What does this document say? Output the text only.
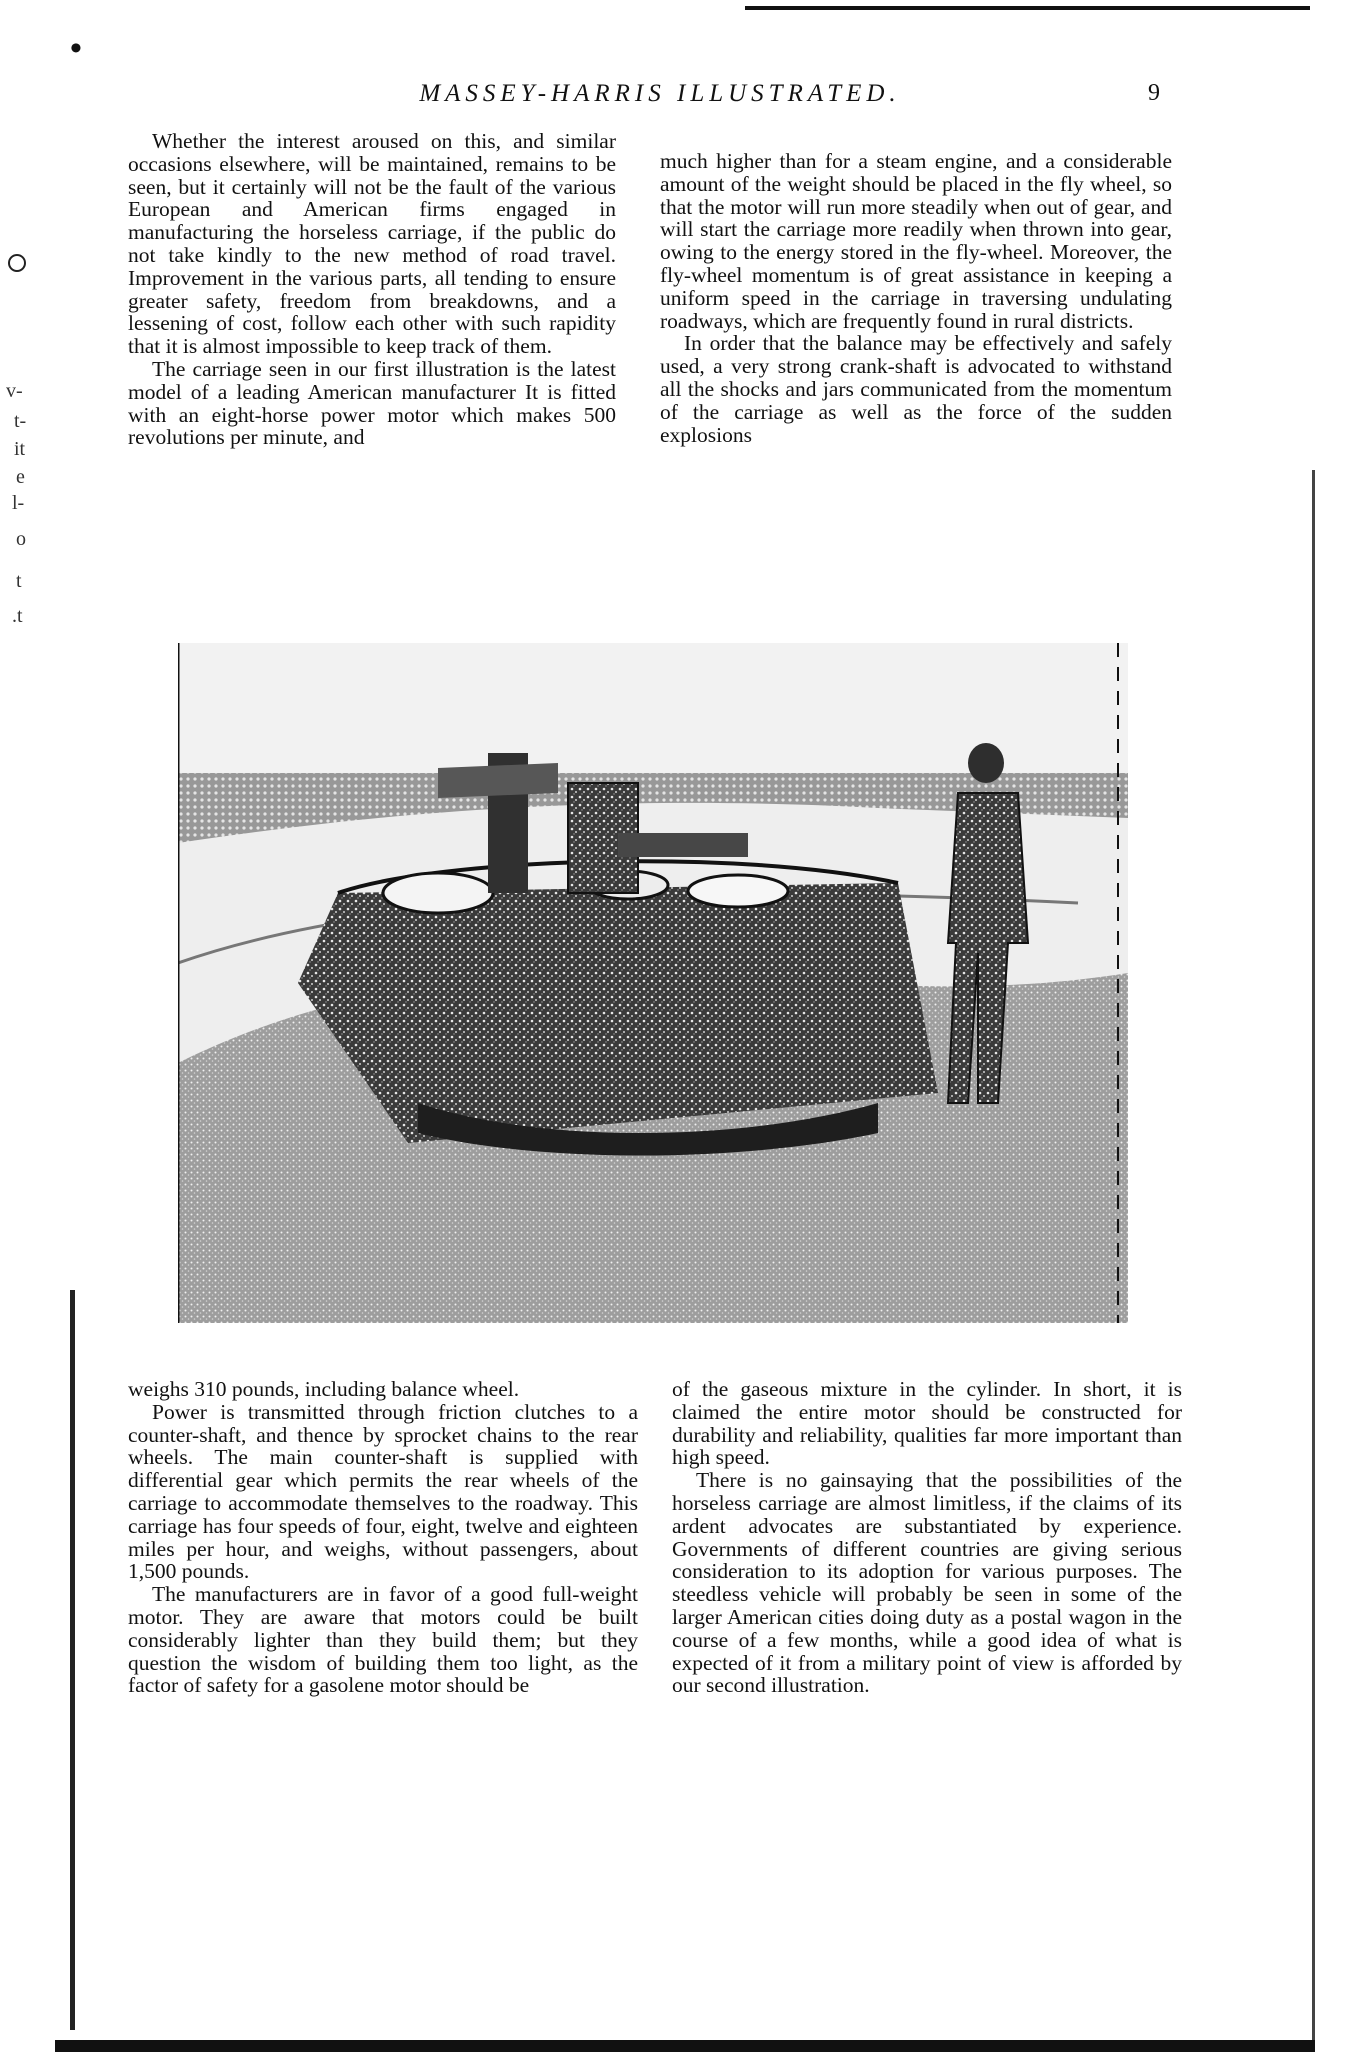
•
MASSEY-HARRIS ILLUSTRATED.	9
v-
t-
it
e
l-
o
t
.t

Whether the interest aroused on this, and similar occasions elsewhere, will be maintained, remains to be seen, but it certainly will not be the fault of the various European and American firms engaged in manufacturing the horseless carriage, if the public do not take kindly to the new method of road travel. Improvement in the various parts, all tending to ensure greater safety, freedom from breakdowns, and a lessening of cost, follow each other with such rapidity that it is almost impossible to keep track of them.

The carriage seen in our first illustration is the latest model of a leading American manufacturer It is fitted with an eight-horse power motor which makes 500 revolutions per minute, and

much higher than for a steam engine, and a considerable amount of the weight should be placed in the fly wheel, so that the motor will run more steadily when out of gear, and will start the carriage more readily when thrown into gear, owing to the energy stored in the fly-wheel. Moreover, the fly-wheel momentum is of great assistance in keeping a uniform speed in the carriage in traversing undulating roadways, which are frequently found in rural districts.

In order that the balance may be effectively and safely used, a very strong crank-shaft is advocated to withstand all the shocks and jars communicated from the momentum of the carriage as well as the force of the sudden explosions

weighs 310 pounds, including balance wheel.

Power is transmitted through friction clutches to a counter-shaft, and thence by sprocket chains to the rear wheels. The main counter-shaft is supplied with differential gear which permits the rear wheels of the carriage to accommodate themselves to the roadway. This carriage has four speeds of four, eight, twelve and eighteen miles per hour, and weighs, without passengers, about 1,500 pounds.

The manufacturers are in favor of a good full-weight motor. They are aware that motors could be built considerably lighter than they build them; but they question the wisdom of building them too light, as the factor of safety for a gasolene motor should be

of the gaseous mixture in the cylinder. In short, it is claimed the entire motor should be constructed for durability and reliability, qualities far more important than high speed.

There is no gainsaying that the possibilities of the horseless carriage are almost limitless, if the claims of its ardent advocates are substantiated by experience. Governments of different countries are giving serious consideration to its adoption for various purposes. The steedless vehicle will probably be seen in some of the larger American cities doing duty as a postal wagon in the course of a few months, while a good idea of what is expected of it from a military point of view is afforded by our second illustration.
